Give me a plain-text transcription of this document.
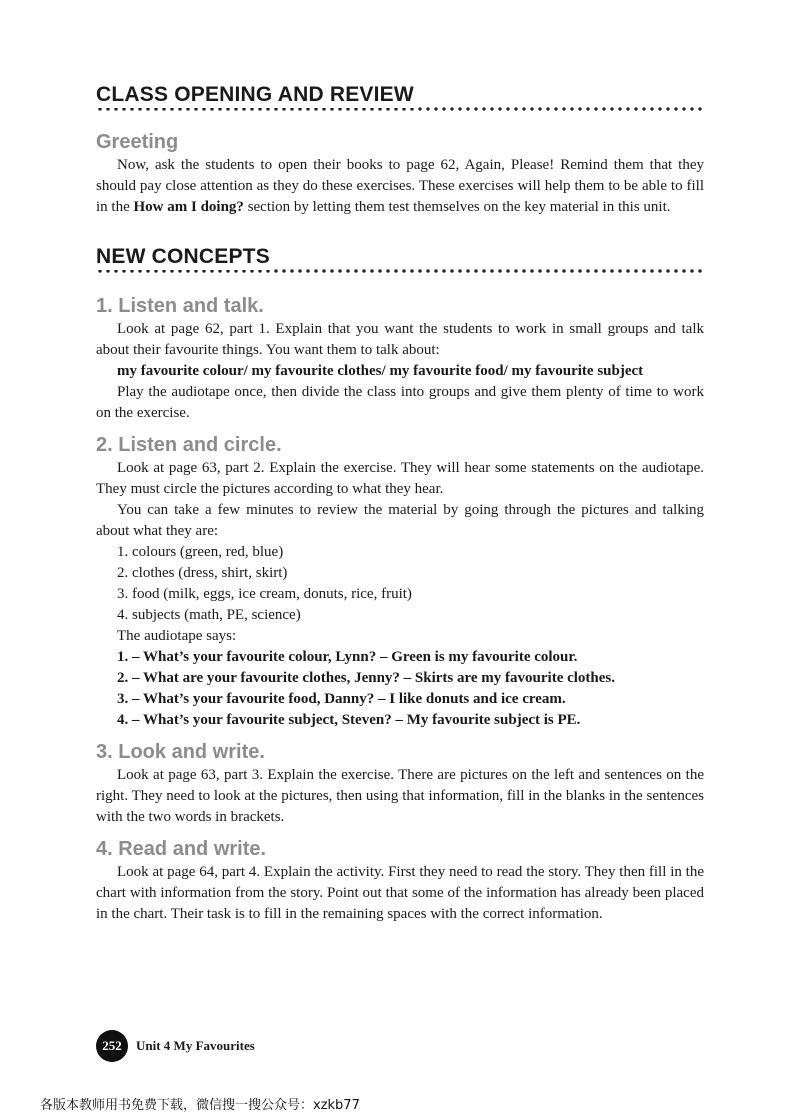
CLASS OPENING AND REVIEW
Greeting

Now, ask the students to open their books to page 62, Again, Please! Remind them that they should pay close attention as they do these exercises. These exercises will help them to be able to fill in the How am I doing? section by letting them test themselves on the key material in this unit.

NEW CONCEPTS
1. Listen and talk.

Look at page 62, part 1. Explain that you want the students to work in small groups and talk about their favourite things. You want them to talk about:

my favourite colour/ my favourite clothes/ my favourite food/ my favourite subject

Play the audiotape once, then divide the class into groups and give them plenty of time to work on the exercise.

2. Listen and circle.

Look at page 63, part 2. Explain the exercise. They will hear some statements on the audiotape. They must circle the pictures according to what they hear.

You can take a few minutes to review the material by going through the pictures and talking about what they are:

1. colours (green, red, blue)
2. clothes (dress, shirt, skirt)
3. food (milk, eggs, ice cream, donuts, rice, fruit)
4. subjects (math, PE, science)
The audiotape says:
1. – What’s your favourite colour, Lynn? – Green is my favourite colour.
2. – What are your favourite clothes, Jenny? – Skirts are my favourite clothes.
3. – What’s your favourite food, Danny? – I like donuts and ice cream.
4. – What’s your favourite subject, Steven? – My favourite subject is PE.
3. Look and write.

Look at page 63, part 3. Explain the exercise. There are pictures on the left and sentences on the right. They need to look at the pictures, then using that information, fill in the blanks in the sentences with the two words in brackets.

4. Read and write.

Look at page 64, part 4. Explain the activity. First they need to read the story. They then fill in the chart with information from the story. Point out that some of the information has already been placed in the chart. Their task is to fill in the remaining spaces with the correct information.

252	Unit 4 My Favourites
各版本教师用书免费下载，微信搜一搜公众号：xzkb77
